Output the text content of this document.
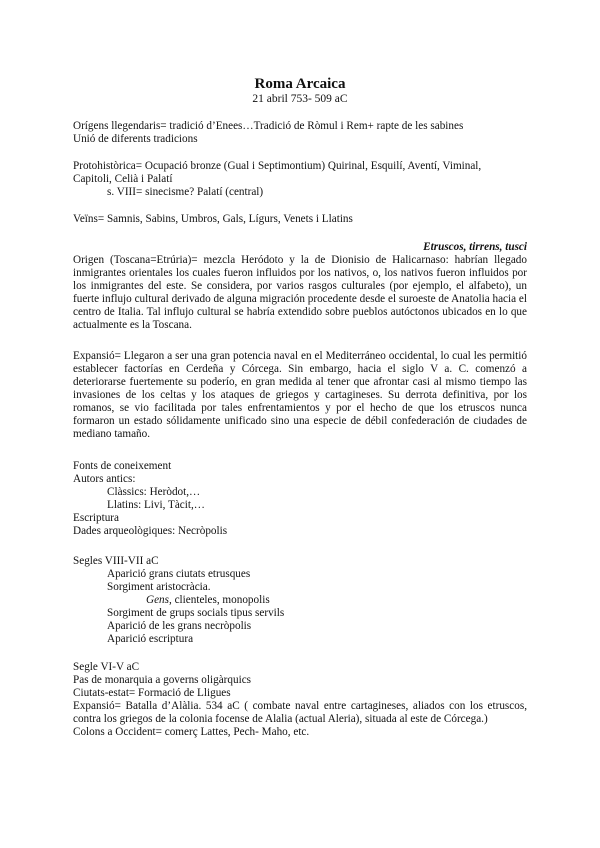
Roma Arcaica
21 abril 753- 509 aC

Orígens llegendaris= tradició d’Enees…Tradició de Ròmul i Rem+ rapte de les sabines

Unió de diferents tradicions

Protohistòrica= Ocupació bronze (Gual i Septimontium) Quirinal, Esquilí, Aventí, Viminal,

Capitoli, Celià i Palatí

s. VIII= sinecisme? Palatí (central)

Veïns= Samnis, Sabins, Umbros, Gals, Lígurs, Venets i Llatins

Etruscos, tirrens, tusci

Origen (Toscana=Etrúria)= mezcla Heródoto y la de Dionisio de Halicarnaso: habrían llegado inmigrantes orientales los cuales fueron influidos por los nativos, o, los nativos fueron influidos por los inmigrantes del este. Se considera, por varios rasgos culturales (por ejemplo, el alfabeto), un fuerte influjo cultural derivado de alguna migración procedente desde el suroeste de Anatolia hacia el centro de Italia. Tal influjo cultural se habría extendido sobre pueblos autóctonos ubicados en lo que actualmente es la Toscana.

Expansió= Llegaron a ser una gran potencia naval en el Mediterráneo occidental, lo cual les permitió establecer factorías en Cerdeña y Córcega. Sin embargo, hacia el siglo V a. C. comenzó a deteriorarse fuertemente su poderío, en gran medida al tener que afrontar casi al mismo tiempo las invasiones de los celtas y los ataques de griegos y cartagineses. Su derrota definitiva, por los romanos, se vio facilitada por tales enfrentamientos y por el hecho de que los etruscos nunca formaron un estado sólidamente unificado sino una especie de débil confederación de ciudades de mediano tamaño.

Fonts de coneixement

Autors antics:

Clàssics: Heròdot,…

Llatins: Livi, Tàcit,…

Escriptura

Dades arqueològiques: Necròpolis

Segles VIII-VII aC

Aparició grans ciutats etrusques

Sorgiment aristocràcia.

Gens, clienteles, monopolis

Sorgiment de grups socials tipus servils

Aparició de les grans necròpolis

Aparició escriptura

Segle VI-V aC

Pas de monarquia a governs oligàrquics

Ciutats-estat= Formació de Lligues

Expansió= Batalla d’Alàlia. 534 aC ( combate naval entre cartagineses, aliados con los etruscos, contra los griegos de la colonia focense de Alalia (actual Aleria), situada al este de Córcega.)

Colons a Occident= comerç Lattes, Pech- Maho, etc.
